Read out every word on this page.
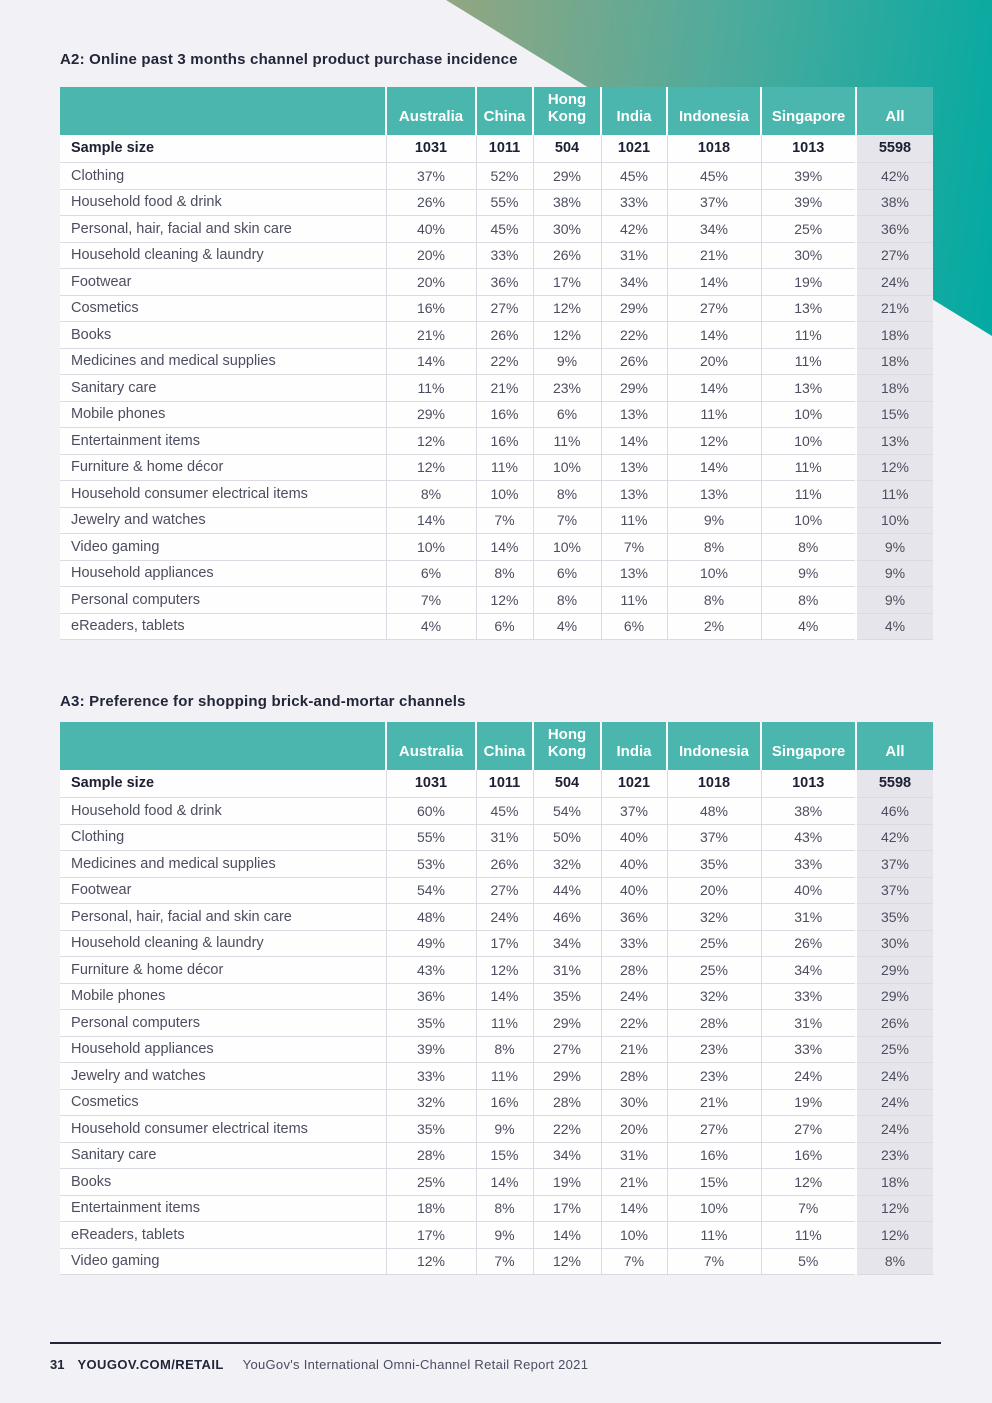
A2: Online past 3 months channel product purchase incidence
	Australia	China	Hong Kong	India	Indonesia	Singapore	All
Sample size	1031	1011	504	1021	1018	1013	5598
Clothing	37%	52%	29%	45%	45%	39%	42%
Household food & drink	26%	55%	38%	33%	37%	39%	38%
Personal, hair, facial and skin care	40%	45%	30%	42%	34%	25%	36%
Household cleaning & laundry	20%	33%	26%	31%	21%	30%	27%
Footwear	20%	36%	17%	34%	14%	19%	24%
Cosmetics	16%	27%	12%	29%	27%	13%	21%
Books	21%	26%	12%	22%	14%	11%	18%
Medicines and medical supplies	14%	22%	9%	26%	20%	11%	18%
Sanitary care	11%	21%	23%	29%	14%	13%	18%
Mobile phones	29%	16%	6%	13%	11%	10%	15%
Entertainment items	12%	16%	11%	14%	12%	10%	13%
Furniture & home décor	12%	11%	10%	13%	14%	11%	12%
Household consumer electrical items	8%	10%	8%	13%	13%	11%	11%
Jewelry and watches	14%	7%	7%	11%	9%	10%	10%
Video gaming	10%	14%	10%	7%	8%	8%	9%
Household appliances	6%	8%	6%	13%	10%	9%	9%
Personal computers	7%	12%	8%	11%	8%	8%	9%
eReaders, tablets	4%	6%	4%	6%	2%	4%	4%
A3: Preference for shopping brick-and-mortar channels
	Australia	China	Hong Kong	India	Indonesia	Singapore	All
Sample size	1031	1011	504	1021	1018	1013	5598
Household food & drink	60%	45%	54%	37%	48%	38%	46%
Clothing	55%	31%	50%	40%	37%	43%	42%
Medicines and medical supplies	53%	26%	32%	40%	35%	33%	37%
Footwear	54%	27%	44%	40%	20%	40%	37%
Personal, hair, facial and skin care	48%	24%	46%	36%	32%	31%	35%
Household cleaning & laundry	49%	17%	34%	33%	25%	26%	30%
Furniture & home décor	43%	12%	31%	28%	25%	34%	29%
Mobile phones	36%	14%	35%	24%	32%	33%	29%
Personal computers	35%	11%	29%	22%	28%	31%	26%
Household appliances	39%	8%	27%	21%	23%	33%	25%
Jewelry and watches	33%	11%	29%	28%	23%	24%	24%
Cosmetics	32%	16%	28%	30%	21%	19%	24%
Household consumer electrical items	35%	9%	22%	20%	27%	27%	24%
Sanitary care	28%	15%	34%	31%	16%	16%	23%
Books	25%	14%	19%	21%	15%	12%	18%
Entertainment items	18%	8%	17%	14%	10%	7%	12%
eReaders, tablets	17%	9%	14%	10%	11%	11%	12%
Video gaming	12%	7%	12%	7%	7%	5%	8%
31 YOUGOV.COM/RETAIL YouGov's International Omni-Channel Retail Report 2021
